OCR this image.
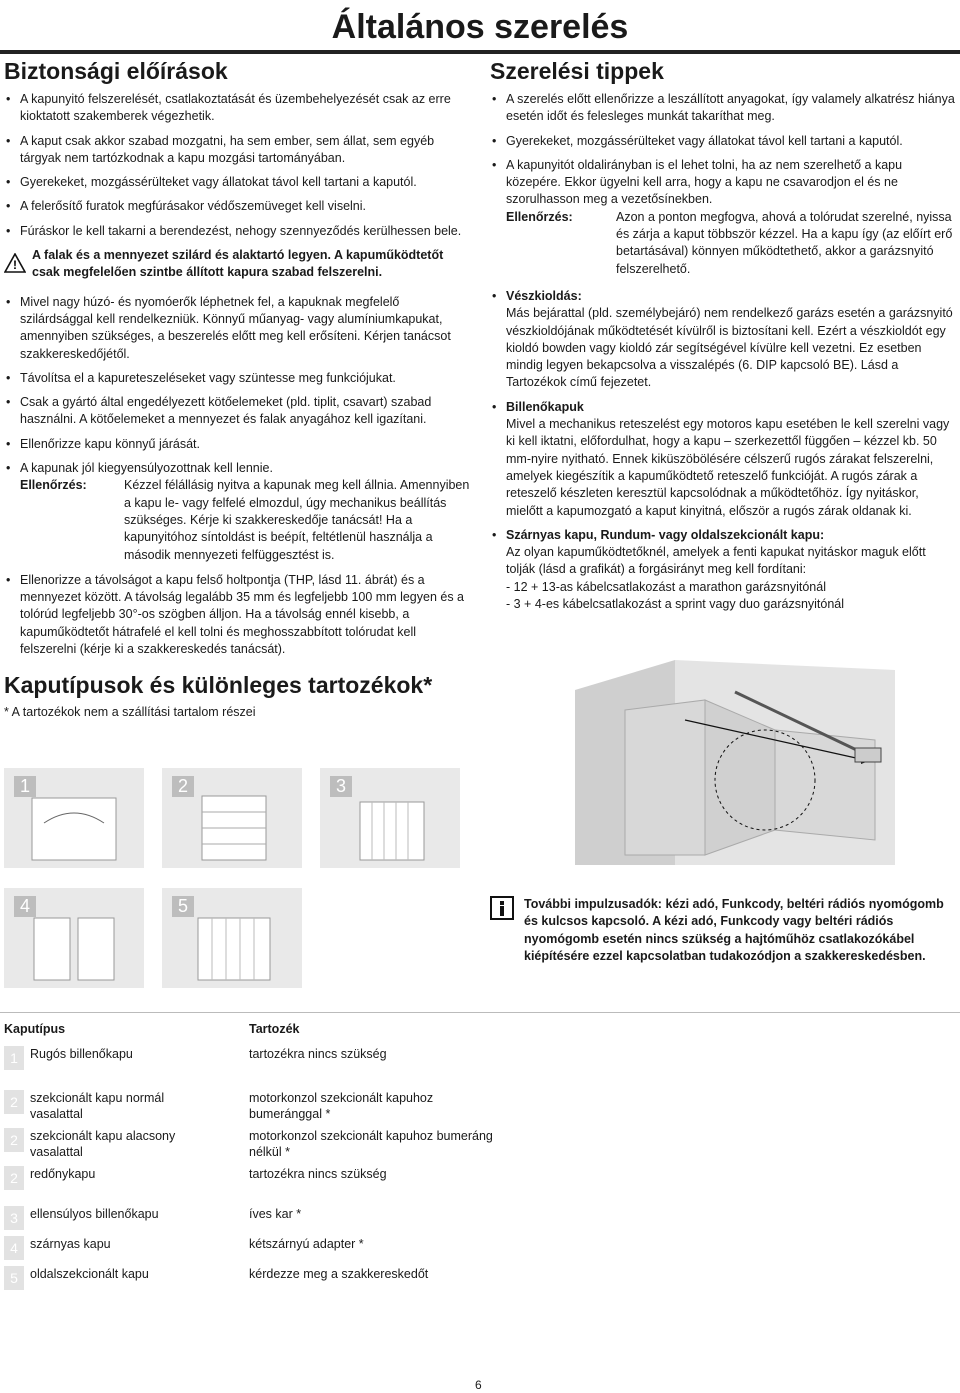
Általános szerelés
Biztonsági előírások
• A kapunyitó felszerelését, csatlakoztatását és üzembehelyezését csak az erre kioktatott szakemberek végezhetik.
• A kaput csak akkor szabad mozgatni, ha sem ember, sem állat, sem egyéb tárgyak nem tartózkodnak a kapu mozgási tartományában.
• Gyerekeket, mozgássérülteket vagy állatokat távol kell tartani a kaputól.
• A felerősítő furatok megfúrásakor védőszemüveget kell viselni.
• Fúráskor le kell takarni a berendezést, nehogy szennyeződés kerülhessen bele.
!
A falak és a mennyezet szilárd és alaktartó legyen. A kapuműködtetőt csak megfelelően szintbe állított kapura szabad felszerelni.
• Mivel nagy húzó- és nyomóerők léphetnek fel, a kapuknak megfelelő szilárdsággal kell rendelkezniük. Könnyű műanyag- vagy alumíniumkapukat, amennyiben szükséges, a beszerelés előtt meg kell erősíteni. Kérjen tanácsot szakkereskedőjétől.
• Távolítsa el a kapureteszeléseket vagy szüntesse meg funkciójukat.
• Csak a gyártó által engedélyezett kötőelemeket (pld. tiplit, csavart) szabad használni. A kötőelemeket a mennyezet és falak anyagához kell igazítani.
• Ellenőrizze kapu könnyű járását.
• A kapunak jól kiegyensúlyozottnak kell lennie.
Ellenőrzés:	Kézzel félállásig nyitva a kapunak meg kell állnia. Amennyiben a kapu le- vagy felfelé elmozdul, úgy mechanikus beállítás szükséges. Kérje ki szakkereskedője tanácsát! Ha a kapunyitóhoz síntoldást is beépít, feltétlenül használja a második mennyezeti felfüggesztést is.
• Ellenorizze a távolságot a kapu felső holtpontja (THP, lásd 11. ábrát) és a mennyezet között. A távolság legalább 35 mm és legfeljebb 100 mm legyen és a tolórúd legfeljebb 30°-os szögben álljon. Ha a távolság ennél kisebb, a kapuműködtetőt hátrafelé el kell tolni és meghosszabbított tolórudat kell felszerelni (kérje ki a szakkereskedés tanácsát).
Kaputípusok és különleges tartozékok*
* A tartozékok nem a szállítási tartalom részei
1	2	3
4	5
Szerelési tippek
• A szerelés előtt ellenőrizze a leszállított anyagokat, így valamely alkatrész hiánya esetén időt és felesleges munkát takaríthat meg.
• Gyerekeket, mozgássérülteket vagy állatokat távol kell tartani a kaputól.
• A kapunyitót oldalirányban is el lehet tolni, ha az nem szerelhető a kapu közepére. Ekkor ügyelni kell arra, hogy a kapu ne csavarodjon el és ne szorulhasson meg a vezetősínekben.
Ellenőrzés:	Azon a ponton megfogva, ahová a tolórudat szerelné, nyissa és zárja a kaput többször kézzel. Ha a kapu így (az előírt erő betartásával) könnyen működtethető, akkor a garázsnyitó felszerelhető.
• Vészkioldás:
Más bejárattal (pld. személybejáró) nem rendelkező garázs esetén a garázsnyitó vészkioldójának működtetését kívülről is biztosítani kell. Ezért a vészkioldót egy kioldó bowden vagy kioldó zár segítségével kívülre kell vezetni. Ez esetben mindig legyen bekapcsolva a visszalépés (6. DIP kapcsoló BE). Lásd a Tartozékok című fejezetet.
• Billenőkapuk
Mivel a mechanikus reteszelést egy motoros kapu esetében le kell szerelni vagy ki kell iktatni, előfordulhat, hogy a kapu – szerkezettől függően – kézzel kb. 50 mm-nyire nyitható. Ennek kiküszöbölésére célszerű rugós zárakat felszerelni, amelyek kiegészítik a kapuműködtető reteszelő funkcióját. A rugós zárak a reteszelő készleten keresztül kapcsolódnak a működtetőhöz. Így nyitáskor, mielőtt a kapumozgató a kaput kinyitná, először a rugós zárak oldanak ki.
• Szárnyas kapu, Rundum- vagy oldalszekcionált kapu:
Az olyan kapuműködtetőknél, amelyek a fenti kapukat nyitáskor maguk előtt tolják (lásd a grafikát) a forgásirányt meg kell fordítani:
- 12 + 13-as kábelcsatlakozást a marathon garázsnyitónál
- 3 + 4-es kábelcsatlakozást a sprint vagy duo garázsnyitónál
További impulzusadók: kézi adó, Funkcody, beltéri rádiós nyomógomb és kulcsos kapcsoló. A kézi adó, Funkcody vagy beltéri rádiós nyomógomb esetén nincs szükség a hajtóműhöz csatlakozókábel kiépítésére ezzel kapcsolatban tudakozódjon a szakkereskedésben.
Kaputípus	Tartozék

1 Rugós billenőkapu	tartozékra nincs szükség

2 szekcionált kapu normál vasalattal	motorkonzol szekcionált kapuhoz bumeránggal *

2 szekcionált kapu alacsony vasalattal	motorkonzol szekcionált kapuhoz bumeráng nélkül *

2 redőnykapu	tartozékra nincs szükség

3 ellensúlyos billenőkapu	íves kar *

4 szárnyas kapu	kétszárnyú adapter *

5 oldalszekcionált kapu	kérdezze meg a szakkereskedőt
6
